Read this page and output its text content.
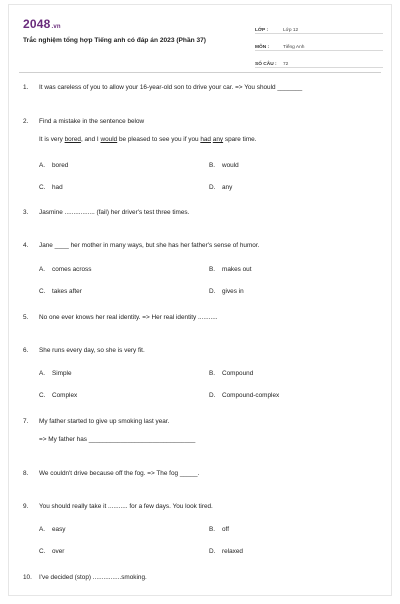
2048.vn
Trắc nghiệm tổng hợp Tiếng anh có đáp án 2023 (Phần 37)
LỚP :	Lớp 12
MÔN :	Tiếng Anh
SỐ CÂU :	72
1.	It was careless of you to allow your 16-year-old son to drive your car. => You should _______
2.	Find a mistake in the sentence below
It is very bored, and I would be pleased to see you if you had any spare time.
A.	bored	B.	would
C.	had	D.	any
3.	Jasmine ................. (fail) her driver's test three times.
4.	Jane ____ her mother in many ways, but she has her father's sense of humor.
A.	comes across	B.	makes out
C.	takes after	D.	gives in
5.	No one ever knows her real identity. => Her real identity ...........
6.	She runs every day, so she is very fit.
A.	Simple	B.	Compound
C.	Complex	D.	Compound-complex
7.	My father started to give up smoking last year.
=> My father has ______________________________
8.	We couldn't drive because off the fog. => The fog _____.
9.	You should really take it ........... for a few days. You look tired.
A.	easy	B.	off
C.	over	D.	relaxed
10.	I've decided (stop) ................smoking.
